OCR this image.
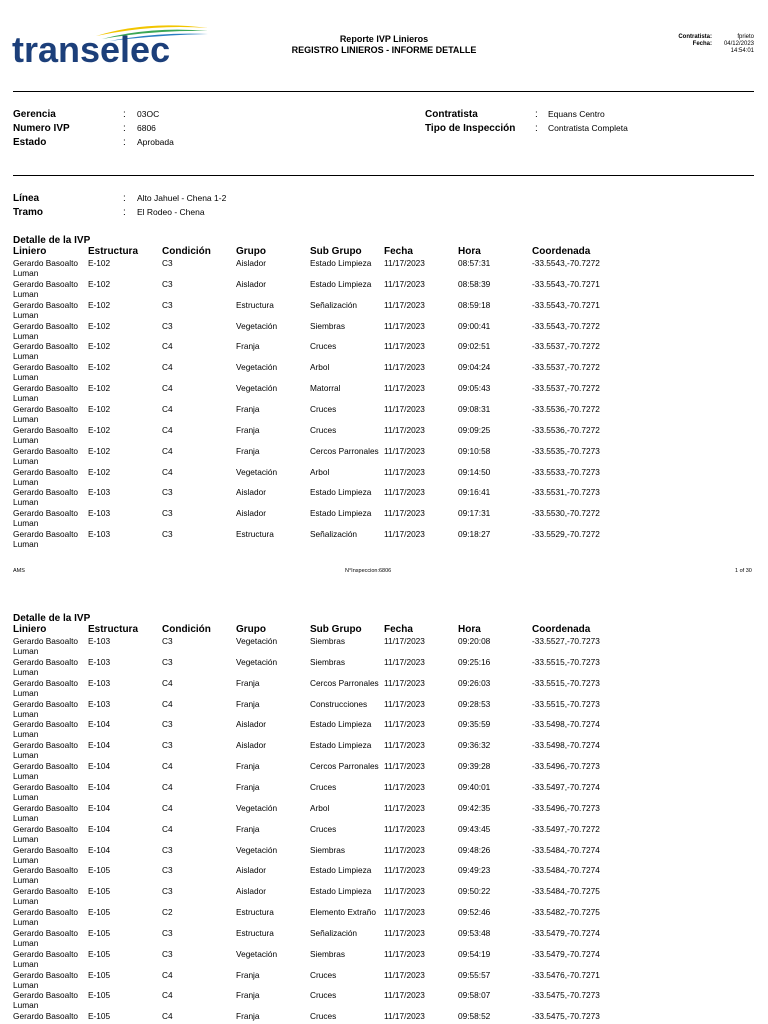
transelec	Reporte IVP Linieros
REGISTRO LINIEROS - INFORME DETALLE
Contratista:
Fecha:
fprieto
04/12/2023
14:54:01
Gerencia	: 03OC
Numero IVP	: 6806
Estado	: Aprobada
Contratista	: Equans Centro
Tipo de Inspección : Contratista Completa
Línea	: Alto Jahuel - Chena 1-2
Tramo	: El Rodeo - Chena
Detalle de la IVP
Liniero	Estructura Condición	Grupo	Sub Grupo Fecha	Hora	Coordenada
Gerardo Basoalto
Luman
E-102	C3	Aislador	Estado Limpieza 11/17/2023	08:57:31	-33.5543,-70.7272
Gerardo Basoalto
Luman
E-102	C3	Aislador	Estado Limpieza 11/17/2023	08:58:39	-33.5543,-70.7271
Gerardo Basoalto
Luman
E-102	C3	Estructura	Señalización	11/17/2023	08:59:18	-33.5543,-70.7271
Gerardo Basoalto
Luman
E-102	C3	Vegetación	Siembras	11/17/2023	09:00:41	-33.5543,-70.7272
Gerardo Basoalto
Luman
E-102	C4	Franja	Cruces	11/17/2023	09:02:51	-33.5537,-70.7272
Gerardo Basoalto
Luman
E-102	C4	Vegetación	Arbol	11/17/2023	09:04:24	-33.5537,-70.7272
Gerardo Basoalto
Luman
E-102	C4	Vegetación	Matorral	11/17/2023	09:05:43	-33.5537,-70.7272
Gerardo Basoalto
Luman
E-102	C4	Franja	Cruces	11/17/2023	09:08:31	-33.5536,-70.7272
Gerardo Basoalto
Luman
E-102	C4	Franja	Cruces	11/17/2023	09:09:25	-33.5536,-70.7272
Gerardo Basoalto
Luman
E-102	C4	Franja	Cercos Parronales 11/17/2023	09:10:58	-33.5535,-70.7273
Gerardo Basoalto
Luman
E-102	C4	Vegetación	Arbol	11/17/2023	09:14:50	-33.5533,-70.7273
Gerardo Basoalto
Luman
E-103	C3	Aislador	Estado Limpieza 11/17/2023	09:16:41	-33.5531,-70.7273
Gerardo Basoalto
Luman
E-103	C3	Aislador	Estado Limpieza 11/17/2023	09:17:31	-33.5530,-70.7272
Gerardo Basoalto
Luman
E-103	C3	Estructura	Señalización	11/17/2023	09:18:27	-33.5529,-70.7272
AMS	N°Inspeccion:6806	1 of 30
Detalle de la IVP
Liniero	Estructura Condición	Grupo	Sub Grupo Fecha	Hora	Coordenada
Gerardo Basoalto
Luman
E-103	C3	Vegetación	Siembras	11/17/2023	09:20:08	-33.5527,-70.7273
Gerardo Basoalto
Luman
E-103	C3	Vegetación	Siembras	11/17/2023	09:25:16	-33.5515,-70.7273
Gerardo Basoalto
Luman
E-103	C4	Franja	Cercos Parronales 11/17/2023	09:26:03	-33.5515,-70.7273
Gerardo Basoalto
Luman
E-103	C4	Franja	Construcciones 11/17/2023	09:28:53	-33.5515,-70.7273
Gerardo Basoalto
Luman
E-104	C3	Aislador	Estado Limpieza 11/17/2023	09:35:59	-33.5498,-70.7274
Gerardo Basoalto
Luman
E-104	C3	Aislador	Estado Limpieza 11/17/2023	09:36:32	-33.5498,-70.7274
Gerardo Basoalto
Luman
E-104	C4	Franja	Cercos Parronales 11/17/2023	09:39:28	-33.5496,-70.7273
Gerardo Basoalto
Luman
E-104	C4	Franja	Cruces	11/17/2023	09:40:01	-33.5497,-70.7274
Gerardo Basoalto
Luman
E-104	C4	Vegetación	Arbol	11/17/2023	09:42:35	-33.5496,-70.7273
Gerardo Basoalto
Luman
E-104	C4	Franja	Cruces	11/17/2023	09:43:45	-33.5497,-70.7272
Gerardo Basoalto
Luman
E-104	C3	Vegetación	Siembras	11/17/2023	09:48:26	-33.5484,-70.7274
Gerardo Basoalto
Luman
E-105	C3	Aislador	Estado Limpieza 11/17/2023	09:49:23	-33.5484,-70.7274
Gerardo Basoalto
Luman
E-105	C3	Aislador	Estado Limpieza 11/17/2023	09:50:22	-33.5484,-70.7275
Gerardo Basoalto
Luman
E-105	C2	Estructura	Elemento Extraño 11/17/2023	09:52:46	-33.5482,-70.7275
Gerardo Basoalto
Luman
E-105	C3	Estructura	Señalización	11/17/2023	09:53:48	-33.5479,-70.7274
Gerardo Basoalto
Luman
E-105	C3	Vegetación	Siembras	11/17/2023	09:54:19	-33.5479,-70.7274
Gerardo Basoalto
Luman
E-105	C4	Franja	Cruces	11/17/2023	09:55:57	-33.5476,-70.7271
Gerardo Basoalto
Luman
E-105	C4	Franja	Cruces	11/17/2023	09:58:07	-33.5475,-70.7273
Gerardo Basoalto E-105	C4	Franja	Cruces	11/17/2023	09:58:52	-33.5475,-70.7273
